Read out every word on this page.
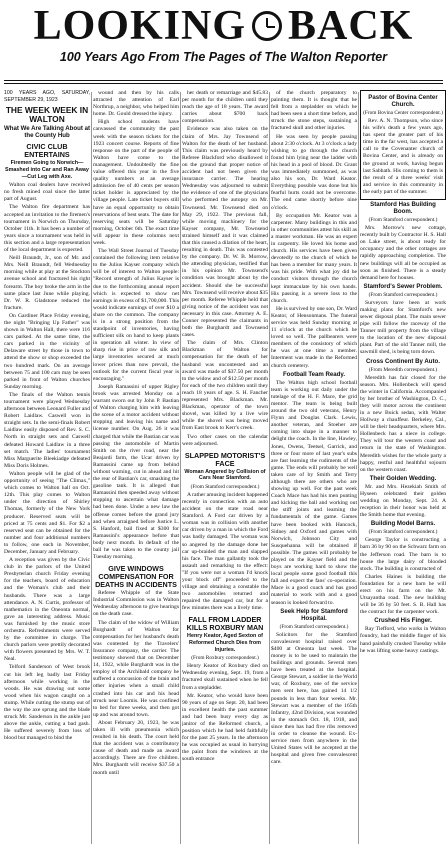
LOOKING BACK
100 Years Ago From The Pages of The Walton Reporter

100 YEARS AGO, SATURDAY, SEPTEMBER 29, 1923

THE WEEK WEEK IN WALTON
What We Are Talking About at the County Hub
CIVIC CLUB ENTERTAINS
Firemen Going to Norwich—Smashed into Car and Ran Away—Cut Leg with Axe.

Walton coal dealers have received no fresh mined coal since the latter part of August.

The Walton fire department has accepted an invitation to the firemen's tournament in Norwich on Thursday, October 11th. It has been a number of years since a tournament was held in this section and a large representation of the local department is expected.

Neill Braundt, Jr., son of Mr. and Mrs. Neill Braundt, fell Wednesday morning while at play at the Stockton avenue school and fractured his right forearm. The boy broke the arm in the same place last June while playing. Dr. W. R. Gladstone reduced the fracture.

On Gardiner Place Friday evening, the night "Bringing Up Father" was shown in Walton Hall, there were 116 cars parked. At the same time, the cars parked in the vicinity of Delaware street by those in town to attend the show or shop exceeded the two hundred mark. On an average between 75 and 100 cars may be seen parked in front of Walton churches Sunday morning.

The finals of the Walton tennis tournament were played Wednesday afternoon between Leonard Fuller and Robert Laidlaw. Caswell won in straight sets. In the semi-finals Robert Laidlaw easily disposed of Rev. S. C. North in straight sets and Caswell defeated Howard Laidlaw in a three set match. The ladies' tournament Miss Marguerite Bleekiadge defeated Miss Doris Holmes.

Walton people will be glad of the opportunity of seeing "The Climax," which comes to Walton hall on Oct. 12th. This play comes to Walton under the direction of Shirley Thomas, formerly of the New York producer. Reserved seats will be priced at 75 cents and $1. For $2 a reserved seat can be obtained for the number and four additional numbers to follow, one each in November, December, January and February.

A reception was given by the Civic club in the parlors of the United Presbyterian church Friday evening for the teachers, board of education and the Woman's club and their husbands. There was a large attendance. A. N. Curtis, professor of mathematics in the Oneonta normal, gave an interesting address. Music was furnished by the music store orchestra. Refreshments were served by the committee in charge. The church parlors were prettily decorated with flowers presented by Mrs. W. T. Neal.

Telford Sanderson of West brook cut his left leg badly last Friday afternoon while working in the woods. He was drawing out some wood when his wagon caught on a stump. While cutting the stump out of the way the axe sprung and the blade struck Mr. Sanderson in the ankle just above the ankle, cutting a bad gash. He suffered severely from loss of blood but managed to bind the

wound and then by his calls attracted the attention of Earl Northrup, a neighbor, who helped him home. Dr. Gould dressed the injury.

High school students have canvassed the community the past week with the season tickets for the 1923 concert course. Reports of fine response on the part of the people of Walton have come to the management. Undoubtedly the fine value offered this year in the five quality numbers at an average admission fee of 40 cents per season ticket holder is appreciated by the village people. Late ticket buyers still have an equal opportunity to obtain reservations of best seats. The date for reserving seats will be Saturday morning, October 6th. The exact time will appear in these columns next week.

The Wall Street Journal of Tuesday contained the following item relative to the Julius Kayser company which will be of interest to Walton people: "Record strength of Julius Kayser is due to the forthcoming annual report which is expected to show net earnings in excess of $1,700,000. This would indicate earnings of over $10 a share on the common. The company is in a strong position from the standpoint of inventories, having sufficient silk on hand to keep plants in operation all winter. In view of sharp rise in price of raw silk and large inventories secured at much lower prices than now prevail, the outlook for the current fiscal year is encouraging."

Joseph Ramassini of upper Rigley brook was arrested Monday on a warrant sworn out by John P. Bastian of Walton charging him with leaving the scene of a motor accident without stopping and leaving his name and license number. On Aug. 26 it was charged that while the Bastian car was passing the automobile of Martin Smith on the river road, near the Beajardi farm, the Ucar driven by Ramassini came up from behind without warning, cut in ahead and hit the rear of Bastian's car, smashing the gasoline tank. It is alleged that Ramassini then speeded away without stopping to ascertain what damage had been done. Under a new law the offense comes before the grand jury and when arraigned before Justice L. S. Hanford, bail fixed at $300 for Ramassini's appearance before that body next month. In default of the bail he was taken to the county jail Tuesday morning.

GIVE WINDOWS COMPENSATION FOR DEATHS IN ACCIDENTS

Referee Whipple of the State Industrial Commission was in Walton Wednesday afternoon to give hearings on the death case.

The claim of the widow of William Burghardt of Walton for compensation for her husband's death was contested by the Travelers' Insurance company, the carrier. The testimony showed that on December 14, 1922, while Burghardt was in the employ of the Archibald company he suffered a concussion of the brain and other injuries when a small child crashed into his car and his head struck near Loomis. He was confined to bed for three weeks, and then got up and was around town.

About February 20, 1923, he was taken ill with pneumonia which resulted in his death. The court held that the accident was a contributory cause of death and made an award accordingly. There are five children. Mrs. Burghardt will receive $37.50 a month until

her death or remarriage and $45.83 per month for the children until they reach the age of 18 years. The award carries about $700 back compensation.

Evidence was also taken on the claim of Mrs. Jay Townsend of Walton for the death of her husband. This claim was previously heard by Referee Blackford who disallowed it on the ground that proper notice of accident had not been given the insurance carrier. The hearing Wednesday was adjourned to submit the evidence of one of the physicians who performed the autopsy on Mr. Townsend. Mr. Townsend died on May 29, 1922. The previous fall, while moving machinery for the Kayser company, Mr. Townsend strained himself and it was claimed that this caused a dilation of the heart, resulting in death. This was contested by the company. Dr. W. B. Morrow, the attending physician, testified that in his opinion Mr. Townsend's condition was brought about by the accident. Should she be successful Mrs. Townsend will receive about $35 per month. Referee Whipple held that giving notice of the accident was not necessary in this case. Attorney A. E. Conner represented the claimants in both the Burghardt and Townsend cases.

The claim of Mrs. Clinton Blackman of Walton for compensation for the death of her husband was uncontested and an award was made of $37.50 per month to the widow and of $12.50 per month for each of the two children until they reach 18 years of age. S. H. Fancher represented Mrs. Blackman. Mr. Blackman, operator of the town shovel, was killed by a live wire while the shovel was being moved from East brook to Kerr's creek.

Two other cases on the calendar were adjourned.

SLAPPED MOTORIST'S FACE
Woman Angered by Collision of Cars Near Stamford.
(From Stamford correspondent.)

A rather amusing incident happened recently in connection with an auto accident on the state road near Stamford. A Ford car driven by a woman was in collision with another car driven by a man in which the Ford was badly damaged. The woman was so angered by the damage done her car up-braided the man and slapped his face. The man gallantly took the assault and remarking to the effect: "If you were not a woman I'd knock your block off" proceeded to the village and obtaining a constable the two automobiles returned and repaired the damaged car, but for a few minutes there was a lively time.

FALL FROM LADDER KILLS ROXBURY MAN
Henry Keator, Aged Sexton of Reformed Church Dies from Injuries.
(From Roxbury correspondent.)

Henry Keator of Roxbury died on Wednesday evening, Sept. 19, from a fractured skull sustained when he fell from a stepladder.

Mr. Keator, who would have been 90 years of age on Sept. 20, had been in excellent health the past summer and had been busy every day as janitor of the Reformed church, a position which he had held faithfully for the past 25 years. In the afternoon he was occupied as usual in hurrying the paint from the windows at the south entrance

of the church preparatory to painting them. It is thought that he fell from a stepladder on which he had been seen a short time before, and struck the stone steps, sustaining a fractured skull and other injuries.

He was seen by people passing about 2:30 o'clock. At 3 o'clock a lady wishing to go through the church found him lying near the ladder with his head in a pool of blood. Dr. Grant was immediately summoned, as was also his son, Dr. Ward Keator. Everything possible was done but his fearful hurts could not be overcome. The end came shortly before nine o'clock.

By occupation Mr. Keator was a carpenter. Many buildings in this and in other communities attest his skill as a master workman. He was an expert in carpentry. He loved his home and church. His services have been given devotedly to the church of which he has been a member for many years. It was his pride. With what joy did he conduct visitors through the church kept immaculate by his own hands. His passing is a severe loss to the church.

He is survived by one son, Dr. Ward Keator, of Hensonmans. The funeral service was held Sunday morning at 11 o'clock at the church which he loved so well. The pallbearers were members of the consistory of which he was at one time a member. Interment was made in the Reformed church cemetery.

Football Team Ready.

The Walton high school football team is working out daily under the tutelage of the H. F. Mace, the grid mentor. The team is being built around the two old veterans, Henry Flynn and Douglas Clark. Lewis, another veteran, and Stoeher are coming into shape in a manner to delight the coach. In the line, Hawley, Jones, Owens, Teetsel, Garrick, and three or four more of last year's subs are fast learning the rudiments of the game. The ends will probably be well taken care of by Smith and Terry although there are others who are showing up well. For the past week Coach Mace has had his men punting and kicking the ball and working out the stiff joints and learning the fundamentals of the game. Games have been booked with Hancock, Sidney and Oxford and games with Norwich, Johnson City and Susquehanna will be obtained if possible. The games will probably be played on the Kayser field and the boys are working hard to show the local people some good football this fall and expect the fans' co-operation. Mace is a good coach and has good material to work with and a good season is looked forward to.

Seek Help for Stamford Hospital.
(From Stamford correspondent.)

Solicitors for the Stamford convalescent hospital raised over $400 at Oneonta last week. The money is to be used to maintain the buildings and grounds. Several men have been treated at the hospital. George Stewart, a soldier in the World war, of Roxbury, one of the service men sent here, has gained 14 1/2 pounds in less than four weeks. Mr. Stewart was a member of the 165th Infantry, 42nd Division, was wounded in the stomach Oct. 18, 1918, and since then has had five ribs removed in order to cleanse the wound. Ex-service men from anywhere in the United States will be accepted at the hospital and given free convalescent care.

Pastor of Bovina Center Church.
(From Bovina Center correspondent.)

Rev. A. N. Thompson, who since his wife's death a few years ago, has spent the greater part of his time in the far west, has accepted a call to the Covenanter church of Bovina Center, and is already on the ground at work, having begun last Sabbath. His coming to them is the result of a three weeks' visit and service in this community in the early part of the summer.

Stamford Has Building Boom.
(From Stamford correspondent.)

Mrs. Morrow's new cottage, recently built by Contractor H. S. Hall on Lake street, is about ready for occupancy and the other cottages are rapidly approaching completion. The new buildings will all be occupied as soon as finished. There is a steady demand here for houses.

Stamford's Sewer Problem.
(From Stamford correspondent.)

Surveyors have been at work making plans for Stamford's new sewer disposal plant. The main sewer pipe will follow the raceway of the Tanner mill property from the village to the location of the new disposal plant. Part of the old Tanner mill, the sawmill shed, is being torn down.

Cross Continent By Auto.
(From Meredith correspondent.)

Meredith has fair closed for the season. Mrs. Hollenbeck will spend the winter in California. Accompanied by her brother of Washington, D. C., they will motor across the continent in a new Buick sedan, with Walter Hollway a chauffeur. Berkeley, Cal., will be their headquarters, where Mrs. Hollenbeck has a niece in college. They will tour the western coast and return in the state of Washington. Meredith wishes for the whole party a happy, restful and healthful sojourn on the western coast.

Their Golden Wedding.

Mr. and Mrs. Hezekiah Smith of Hyseen celebrated their golden wedding on Monday, Sept. 24. A reception in their honor was held at the Smith home that evening.

Building Model Barns.
(From Stamford correspondent.)

George Taylor is constructing a barn 36 by 90 on the Schwarz farm on the Jefferson road. The barn is to house the large dairy of blooded stock. The building is constructed of

Charles Haines is building the foundation for a new barn he will erect on his farm on the Mt. Utsayantha road. The new building will be 36 by 50 feet. S. B. Hall has the contract for the carpenter work.

Crushed His Finger.

Ray Tiefford, who works in Walton foundry, had the middle finger of his hand painfully crushed Tuesday while he was lifting some heavy castings.
